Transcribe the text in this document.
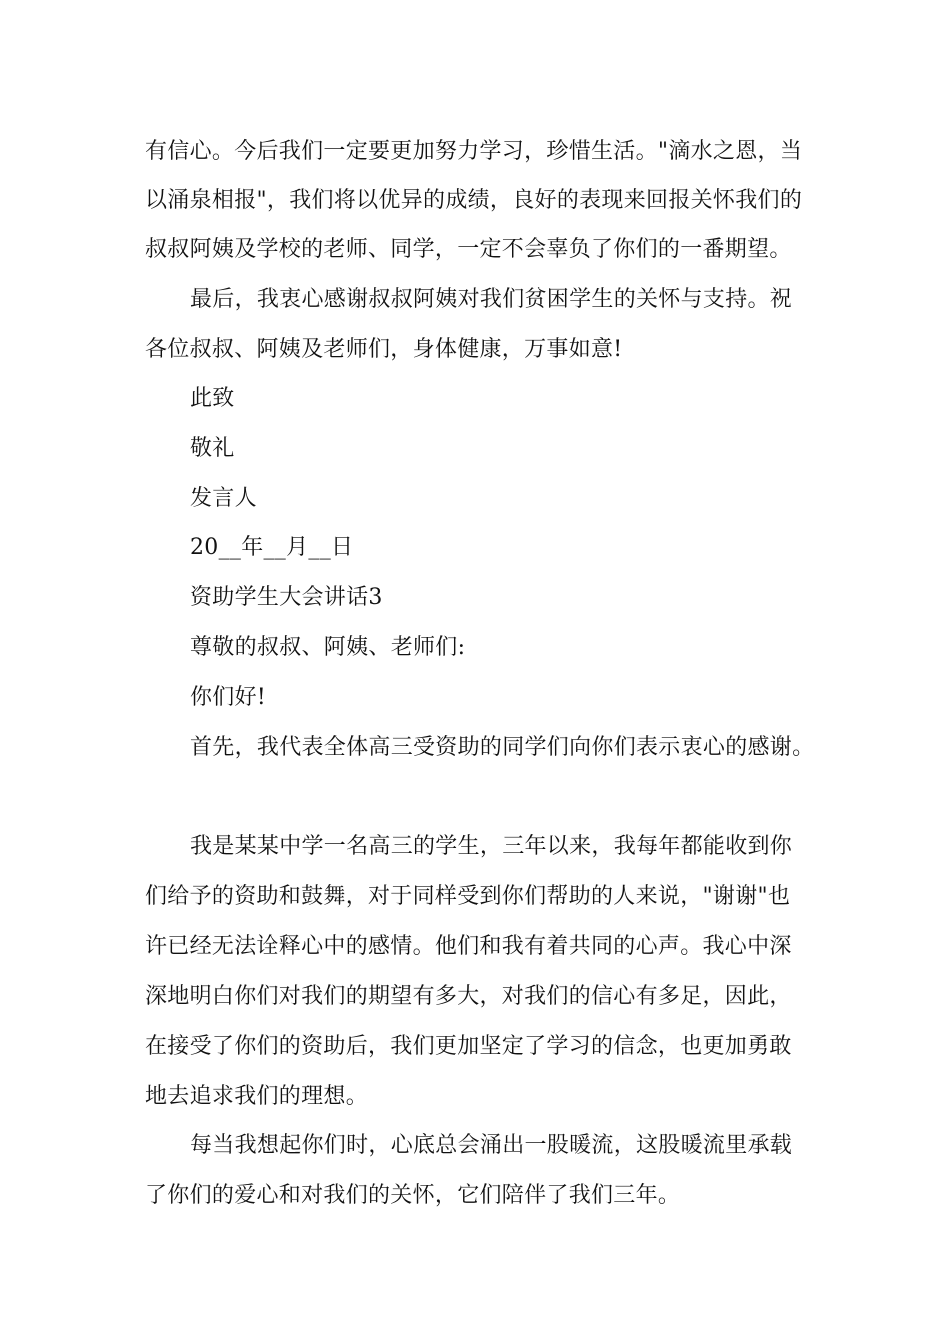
有信心。今后我们一定要更加努力学习，珍惜生活。"滴水之恩，当
以涌泉相报"，我们将以优异的成绩，良好的表现来回报关怀我们的
叔叔阿姨及学校的老师、同学，一定不会辜负了你们的一番期望。
最后，我衷心感谢叔叔阿姨对我们贫困学生的关怀与支持。祝
各位叔叔、阿姨及老师们，身体健康，万事如意!
此致
敬礼
发言人
20__年__月__日
资助学生大会讲话3
尊敬的叔叔、阿姨、老师们:
你们好!
首先，我代表全体高三受资助的同学们向你们表示衷心的感谢。
我是某某中学一名高三的学生，三年以来，我每年都能收到你
们给予的资助和鼓舞，对于同样受到你们帮助的人来说，"谢谢"也
许已经无法诠释心中的感情。他们和我有着共同的心声。我心中深
深地明白你们对我们的期望有多大，对我们的信心有多足，因此，
在接受了你们的资助后，我们更加坚定了学习的信念，也更加勇敢
地去追求我们的理想。
每当我想起你们时，心底总会涌出一股暖流，这股暖流里承载
了你们的爱心和对我们的关怀，它们陪伴了我们三年。
